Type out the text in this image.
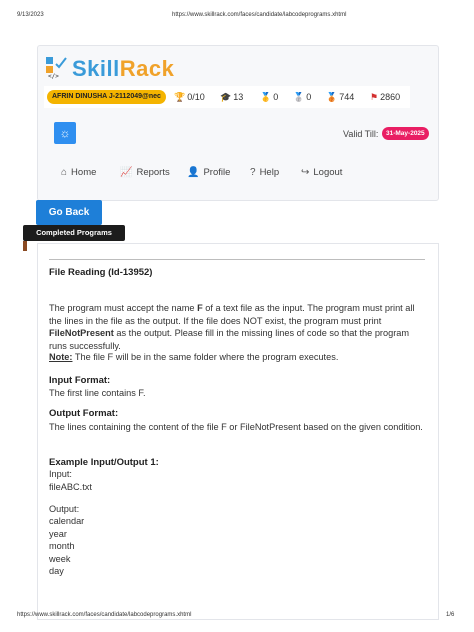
9/13/2023	https://www.skillrack.com/faces/candidate/labcodeprograms.xhtml
</> SkillRack
AFRIN DINUSHA J-2112049@nec	🏆 0/10 🎓 13 🥇 0 🥈 0 🥉 744 ⚑ 2860
☼	Valid Till:	31-May-2025
⌂ Home 📈 Reports 👤 Profile ? Help ↪ Logout
Go Back
Completed Programs
File Reading (Id-13952)
The program must accept the name F of a text file as the input. The program must print all the lines in the file as the output. If the file does NOT exist, the program must print FileNotPresent as the output. Please fill in the missing lines of code so that the program runs successfully.
Note: The file F will be in the same folder where the program executes.
Input Format:
The first line contains F.
Output Format:
The lines containing the content of the file F or FileNotPresent based on the given condition.
Example Input/Output 1:
Input:
fileABC.txt
Output:
calendar
year
month
week
day
https://www.skillrack.com/faces/candidate/labcodeprograms.xhtml	1/6
